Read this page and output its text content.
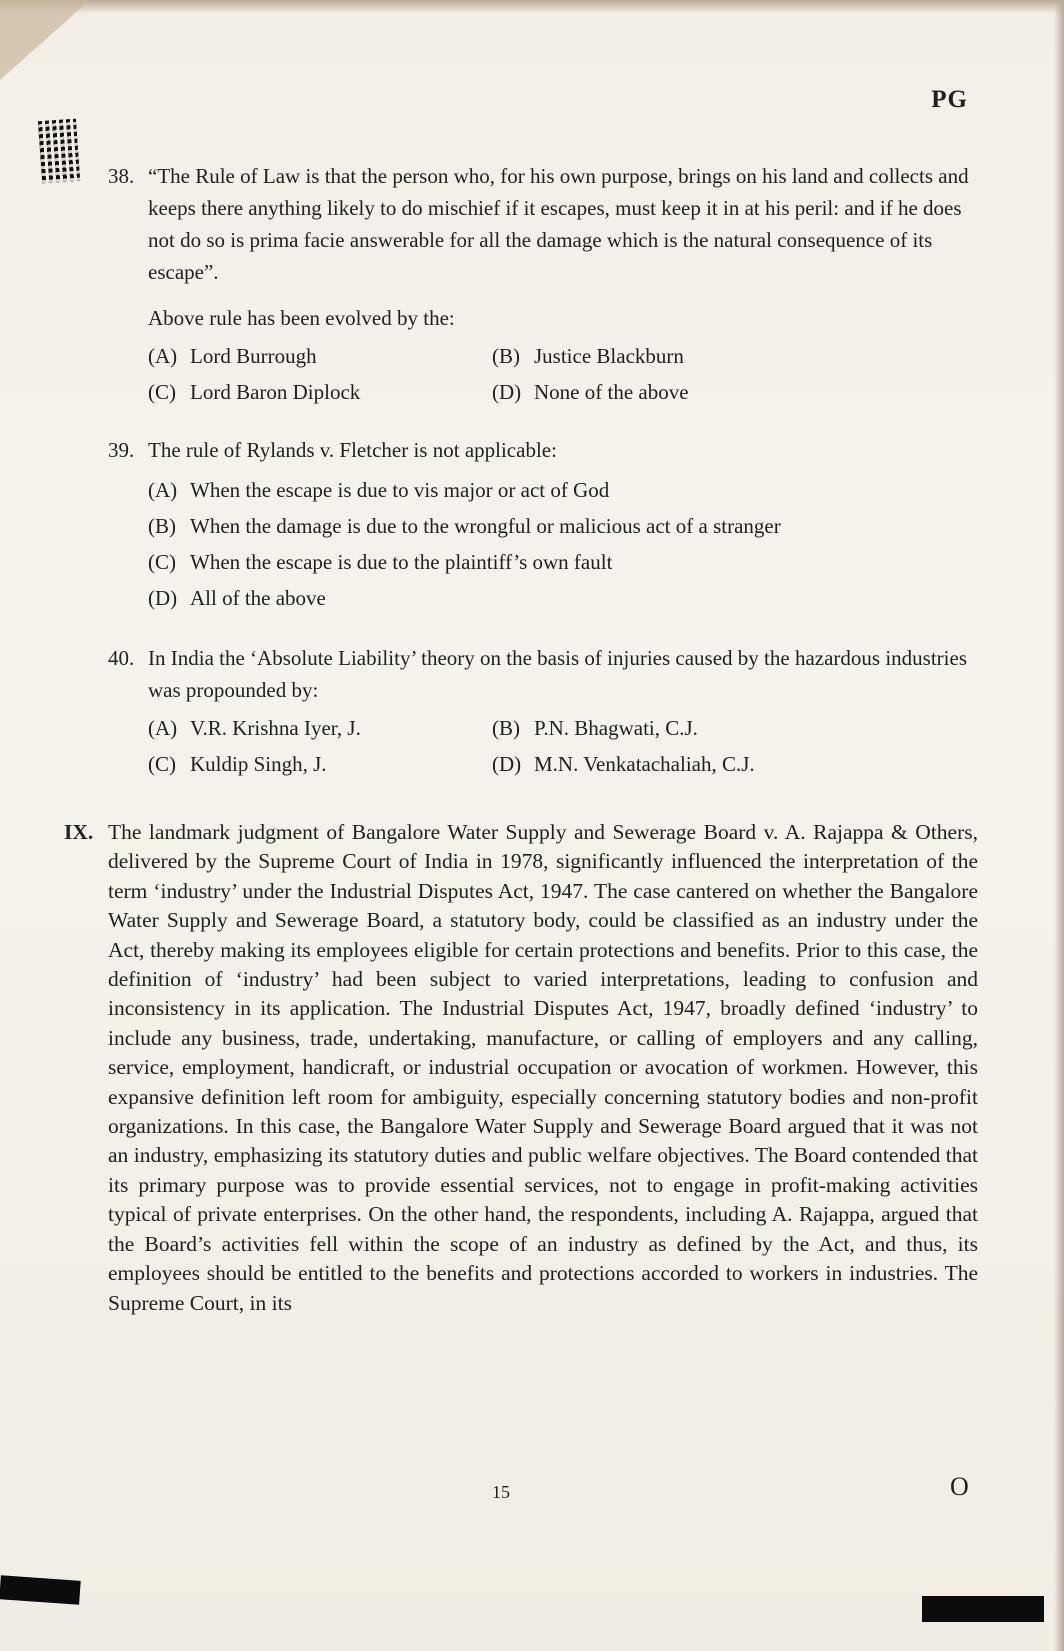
PG
38. “The Rule of Law is that the person who, for his own purpose, brings on his land and collects and keeps there anything likely to do mischief if it escapes, must keep it in at his peril: and if he does not do so is prima facie answerable for all the damage which is the natural consequence of its escape”.
Above rule has been evolved by the:
(A) Lord Burrough	(B) Justice Blackburn
(C) Lord Baron Diplock	(D) None of the above
39. The rule of Rylands v. Fletcher is not applicable:
(A) When the escape is due to vis major or act of God
(B) When the damage is due to the wrongful or malicious act of a stranger
(C) When the escape is due to the plaintiff’s own fault
(D) All of the above
40. In India the ‘Absolute Liability’ theory on the basis of injuries caused by the hazardous industries was propounded by:
(A) V.R. Krishna Iyer, J.	(B) P.N. Bhagwati, C.J.
(C) Kuldip Singh, J.	(D) M.N. Venkatachaliah, C.J.
IX. The landmark judgment of Bangalore Water Supply and Sewerage Board v. A. Rajappa & Others, delivered by the Supreme Court of India in 1978, significantly influenced the interpretation of the term ‘industry’ under the Industrial Disputes Act, 1947. The case cantered on whether the Bangalore Water Supply and Sewerage Board, a statutory body, could be classified as an industry under the Act, thereby making its employees eligible for certain protections and benefits. Prior to this case, the definition of ‘industry’ had been subject to varied interpretations, leading to confusion and inconsistency in its application. The Industrial Disputes Act, 1947, broadly defined ‘industry’ to include any business, trade, undertaking, manufacture, or calling of employers and any calling, service, employment, handicraft, or industrial occupation or avocation of workmen. However, this expansive definition left room for ambiguity, especially concerning statutory bodies and non-profit organizations. In this case, the Bangalore Water Supply and Sewerage Board argued that it was not an industry, emphasizing its statutory duties and public welfare objectives. The Board contended that its primary purpose was to provide essential services, not to engage in profit-making activities typical of private enterprises. On the other hand, the respondents, including A. Rajappa, argued that the Board’s activities fell within the scope of an industry as defined by the Act, and thus, its employees should be entitled to the benefits and protections accorded to workers in industries. The Supreme Court, in its
15	O
